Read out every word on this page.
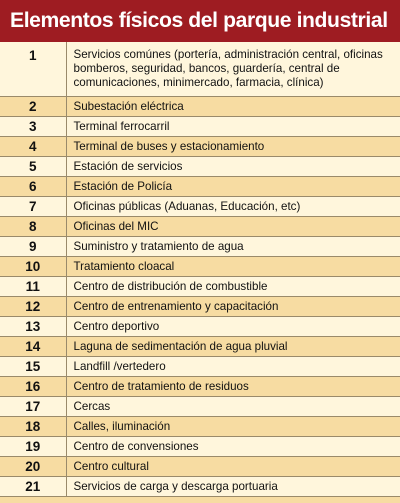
Elementos físicos del parque industrial
1	Servicios comúnes (portería, administración central, oficinas bomberos, seguridad, bancos, guardería, central de comunicaciones, minimercado, farmacia, clínica)
2	Subestación eléctrica
3	Terminal ferrocarril
4	Terminal de buses y estacionamiento
5	Estación de servicios
6	Estación de Policía
7	Oficinas públicas (Aduanas, Educación, etc)
8	Oficinas del MIC
9	Suministro y tratamiento de agua
10	Tratamiento cloacal
11	Centro de distribución de combustible
12	Centro de entrenamiento y capacitación
13	Centro deportivo
14	Laguna de sedimentación de agua pluvial
15	Landfill /vertedero
16	Centro de tratamiento de residuos
17	Cercas
18	Calles, iluminación
19	Centro de convensiones
20	Centro cultural
21	Servicios de carga y descarga portuaria
